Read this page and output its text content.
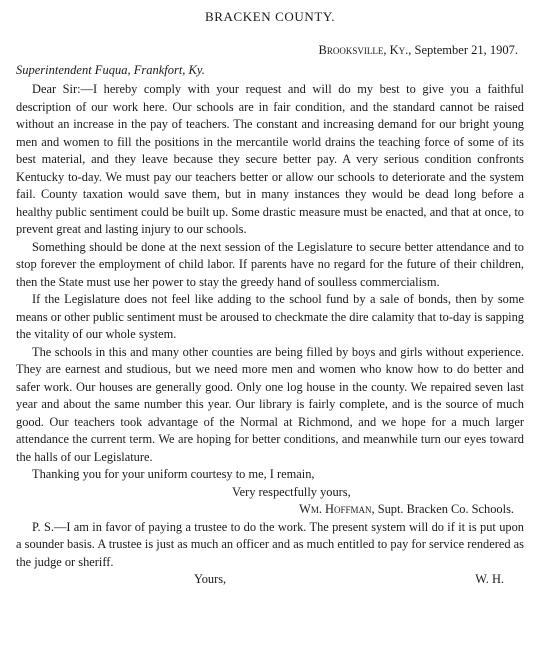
BRACKEN COUNTY.
Brooksville, Ky., September 21, 1907.
Superintendent Fuqua, Frankfort, Ky.

Dear Sir:—I hereby comply with your request and will do my best to give you a faithful description of our work here. Our schools are in fair condition, and the standard cannot be raised without an increase in the pay of teachers. The constant and increasing demand for our bright young men and women to fill the positions in the mercantile world drains the teaching force of some of its best material, and they leave because they secure better pay. A very serious condition confronts Kentucky to-day. We must pay our teachers better or allow our schools to deteriorate and the system fail. County taxation would save them, but in many instances they would be dead long before a healthy public sentiment could be built up. Some drastic measure must be enacted, and that at once, to prevent great and lasting injury to our schools.

Something should be done at the next session of the Legislature to secure better attendance and to stop forever the employment of child labor. If parents have no regard for the future of their children, then the State must use her power to stay the greedy hand of soulless commercialism.

If the Legislature does not feel like adding to the school fund by a sale of bonds, then by some means or other public sentiment must be aroused to checkmate the dire calamity that to-day is sapping the vitality of our whole system.

The schools in this and many other counties are being filled by boys and girls without experience. They are earnest and studious, but we need more men and women who know how to do better and safer work. Our houses are generally good. Only one log house in the county. We repaired seven last year and about the same number this year. Our library is fairly complete, and is the source of much good. Our teachers took advantage of the Normal at Richmond, and we hope for a much larger attendance the current term. We are hoping for better conditions, and meanwhile turn our eyes toward the halls of our Legislature.

Thanking you for your uniform courtesy to me, I remain,

Very respectfully yours,

Wm. Hoffman, Supt. Bracken Co. Schools.

P. S.—I am in favor of paying a trustee to do the work. The present system will do if it is put upon a sounder basis. A trustee is just as much an officer and as much entitled to pay for service rendered as the judge or sheriff.

Yours,	W. H.
